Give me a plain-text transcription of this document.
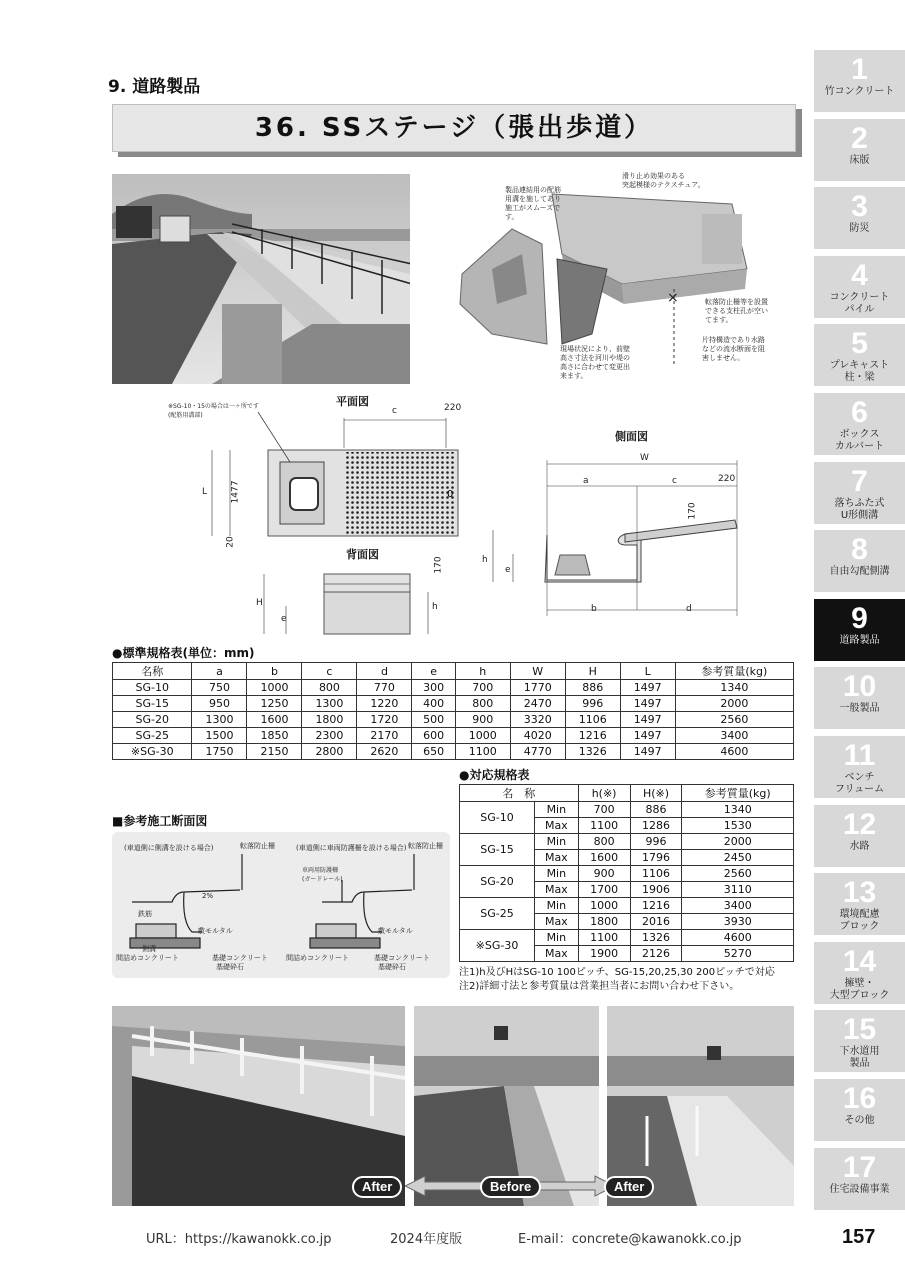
1
竹コンクリート
2
床版
3
防災
4
コンクリート
パイル
5
プレキャスト
柱・梁
6
ボックス
カルバート
7
落ちふた式
U形側溝
8
自由勾配側溝
9
道路製品
10
一般製品
11
ベンチ
フリューム
12
水路
13
環境配慮
ブロック
14
擁壁・
大型ブロック
15
下水道用
製品
16
その他
17
住宅設備事業
9. 道路製品
36. SSステージ（張出歩道）
×
滑り止め効果のある
突起模様のテクスチュア。
製品連結用の配筋
用溝を施してあり
施工がスムーズで
す。
転落防止柵等を設置
できる支柱孔が空い
てます。
片持構造であり水路
などの流水断面を阻
害しません。
現場状況により、前壁
高さ寸法を河川や堤の
高さに合わせて変更出
来ます。
平面図
※SG-10・15の場合は一ヶ所です
(配筋用溝部)
0
c	220
L	1477
20
背面図
H
e
h
170
側面図
W
a	c	220
170
h
e
b	d
●標準規格表(単位：mm)
名称	a	b	c	d	e	h	W	H	L	参考質量(kg)
SG-10	750	1000	800	770	300	700	1770	886	1497	1340
SG-15	950	1250	1300	1220	400	800	2470	996	1497	2000
SG-20	1300	1600	1800	1720	500	900	3320	1106	1497	2560
SG-25	1500	1850	2300	2170	600	1000	4020	1216	1497	3400
※SG-30	1750	2150	2800	2620	650	1100	4770	1326	1497	4600
●対応規格表
名　称		h(※)	H(※)	参考質量(kg)
SG-10	Min	700	886	1340
	Max	1100	1286	1530
SG-15	Min	800	996	2000
	Max	1600	1796	2450
SG-20	Min	900	1106	2560
	Max	1700	1906	3110
SG-25	Min	1000	1216	3400
	Max	1800	2016	3930
※SG-30	Min	1100	1326	4600
	Max	1900	2126	5270
注1)h及びHはSG-10 100ピッチ、SG-15,20,25,30 200ピッチで対応
注2)詳細寸法と参考質量は営業担当者にお問い合わせ下さい。
■参考施工断面図
(車道側に側溝を設ける場合)	(車道側に車両防護柵を設ける場合)
転落防止柵	転落防止柵
2%
鉄筋
敷モルタル
側溝
間詰めコンクリート	基礎コンクリート
基礎砕石
車両用防護柵
(ガードレール)
敷モルタル
間詰めコンクリート	基礎コンクリート
基礎砕石
After	Before	After
URL：https://kawanokk.co.jp	2024年度版	E-mail：concrete@kawanokk.co.jp	157
